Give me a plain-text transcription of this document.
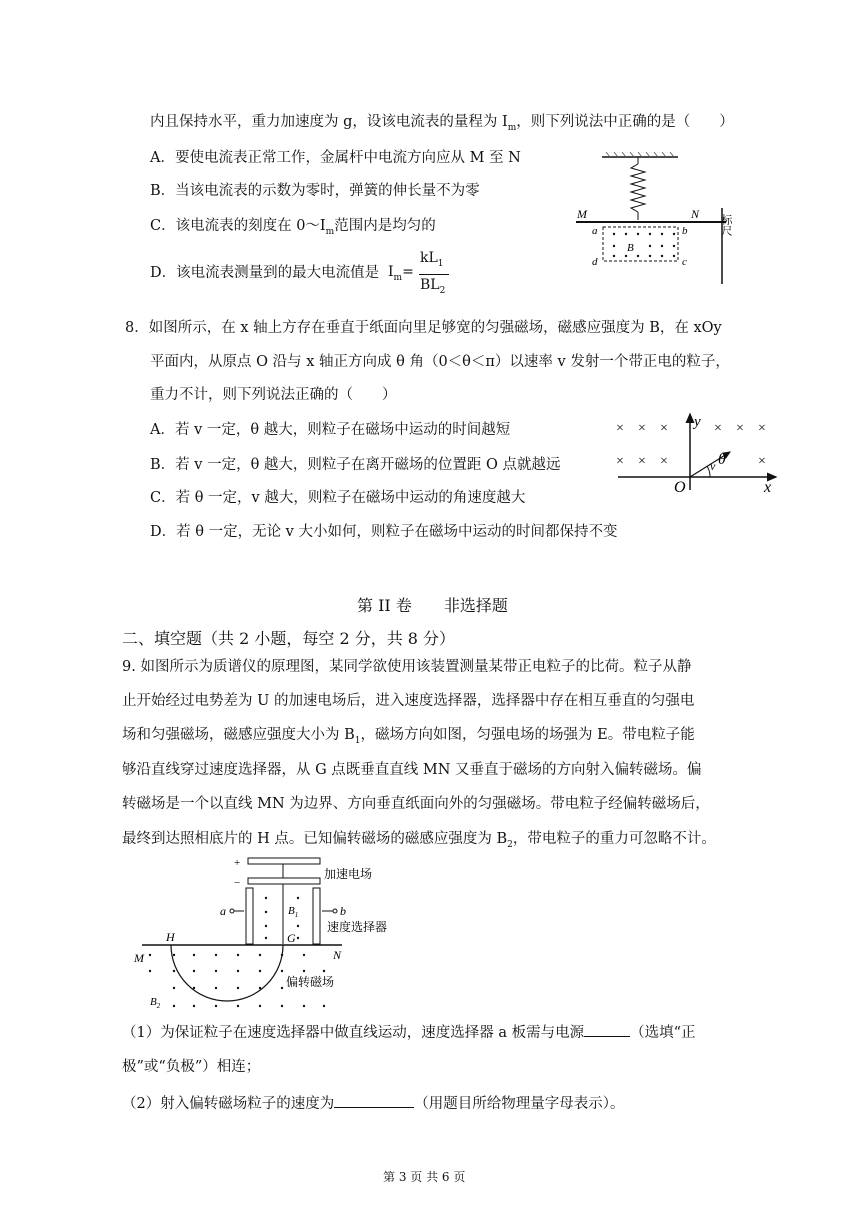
内且保持水平，重力加速度为 g，设该电流表的量程为 $I_m$，则下列说法中正确的是（　　）
A．要使电流表正常工作，金属杆中电流方向应从 M 至 N
B．当该电流表的示数为零时，弹簧的伸长量不为零
C．该电流表的刻度在 $0\sim I_m$范围内是均匀的
D．该电流表测量到的最大电流值是 $I_m=$
$kL_1$
$BL_2$
M	N 标尺
a	b
c
d
B
8．如图所示，在 x 轴上方存在垂直于纸面向里足够宽的匀强磁场，磁感应强度为 B，在 xOy
平面内，从原点 O 沿与 x 轴正方向成 θ 角（0＜θ＜π）以速率 v 发射一个带正电的粒子，
重力不计，则下列说法正确的（　　）
A．若 v 一定，θ 越大，则粒子在磁场中运动的时间越短
B．若 v 一定，θ 越大，则粒子在离开磁场的位置距 O 点就越远
C．若 θ 一定，v 越大，则粒子在磁场中运动的角速度越大
D．若 θ 一定，无论 v 大小如何，则粒子在磁场中运动的时间都保持不变
y
x
O
v θ
× × ×	× × ×
× × ×	×
第 II 卷　　非选择题
二、填空题（共 2 小题，每空 2 分，共 8 分）
9. 如图所示为质谱仪的原理图，某同学欲使用该装置测量某带正电粒子的比荷。粒子从静
止开始经过电势差为 U 的加速电场后，进入速度选择器，选择器中存在相互垂直的匀强电
场和匀强磁场，磁感应强度大小为 $B_1$，磁场方向如图，匀强电场的场强为 E。带电粒子能
够沿直线穿过速度选择器，从 G 点既垂直直线 MN 又垂直于磁场的方向射入偏转磁场。偏
转磁场是一个以直线 MN 为边界、方向垂直纸面向外的匀强磁场。带电粒子经偏转磁场后，
最终到达照相底片的 H 点。已知偏转磁场的磁感应强度为 $B_2$，带电粒子的重力可忽略不计。
+
−
加速电场
a	b
$B_1$
速度选择器
H	G
M	N
偏转磁场
$B_2$
（1）为保证粒子在速度选择器中做直线运动，速度选择器 a 板需与电源	（选填“正
极”或“负极”）相连；
（2）射入偏转磁场粒子的速度为	（用题目所给物理量字母表示）。
第 3 页 共 6 页
